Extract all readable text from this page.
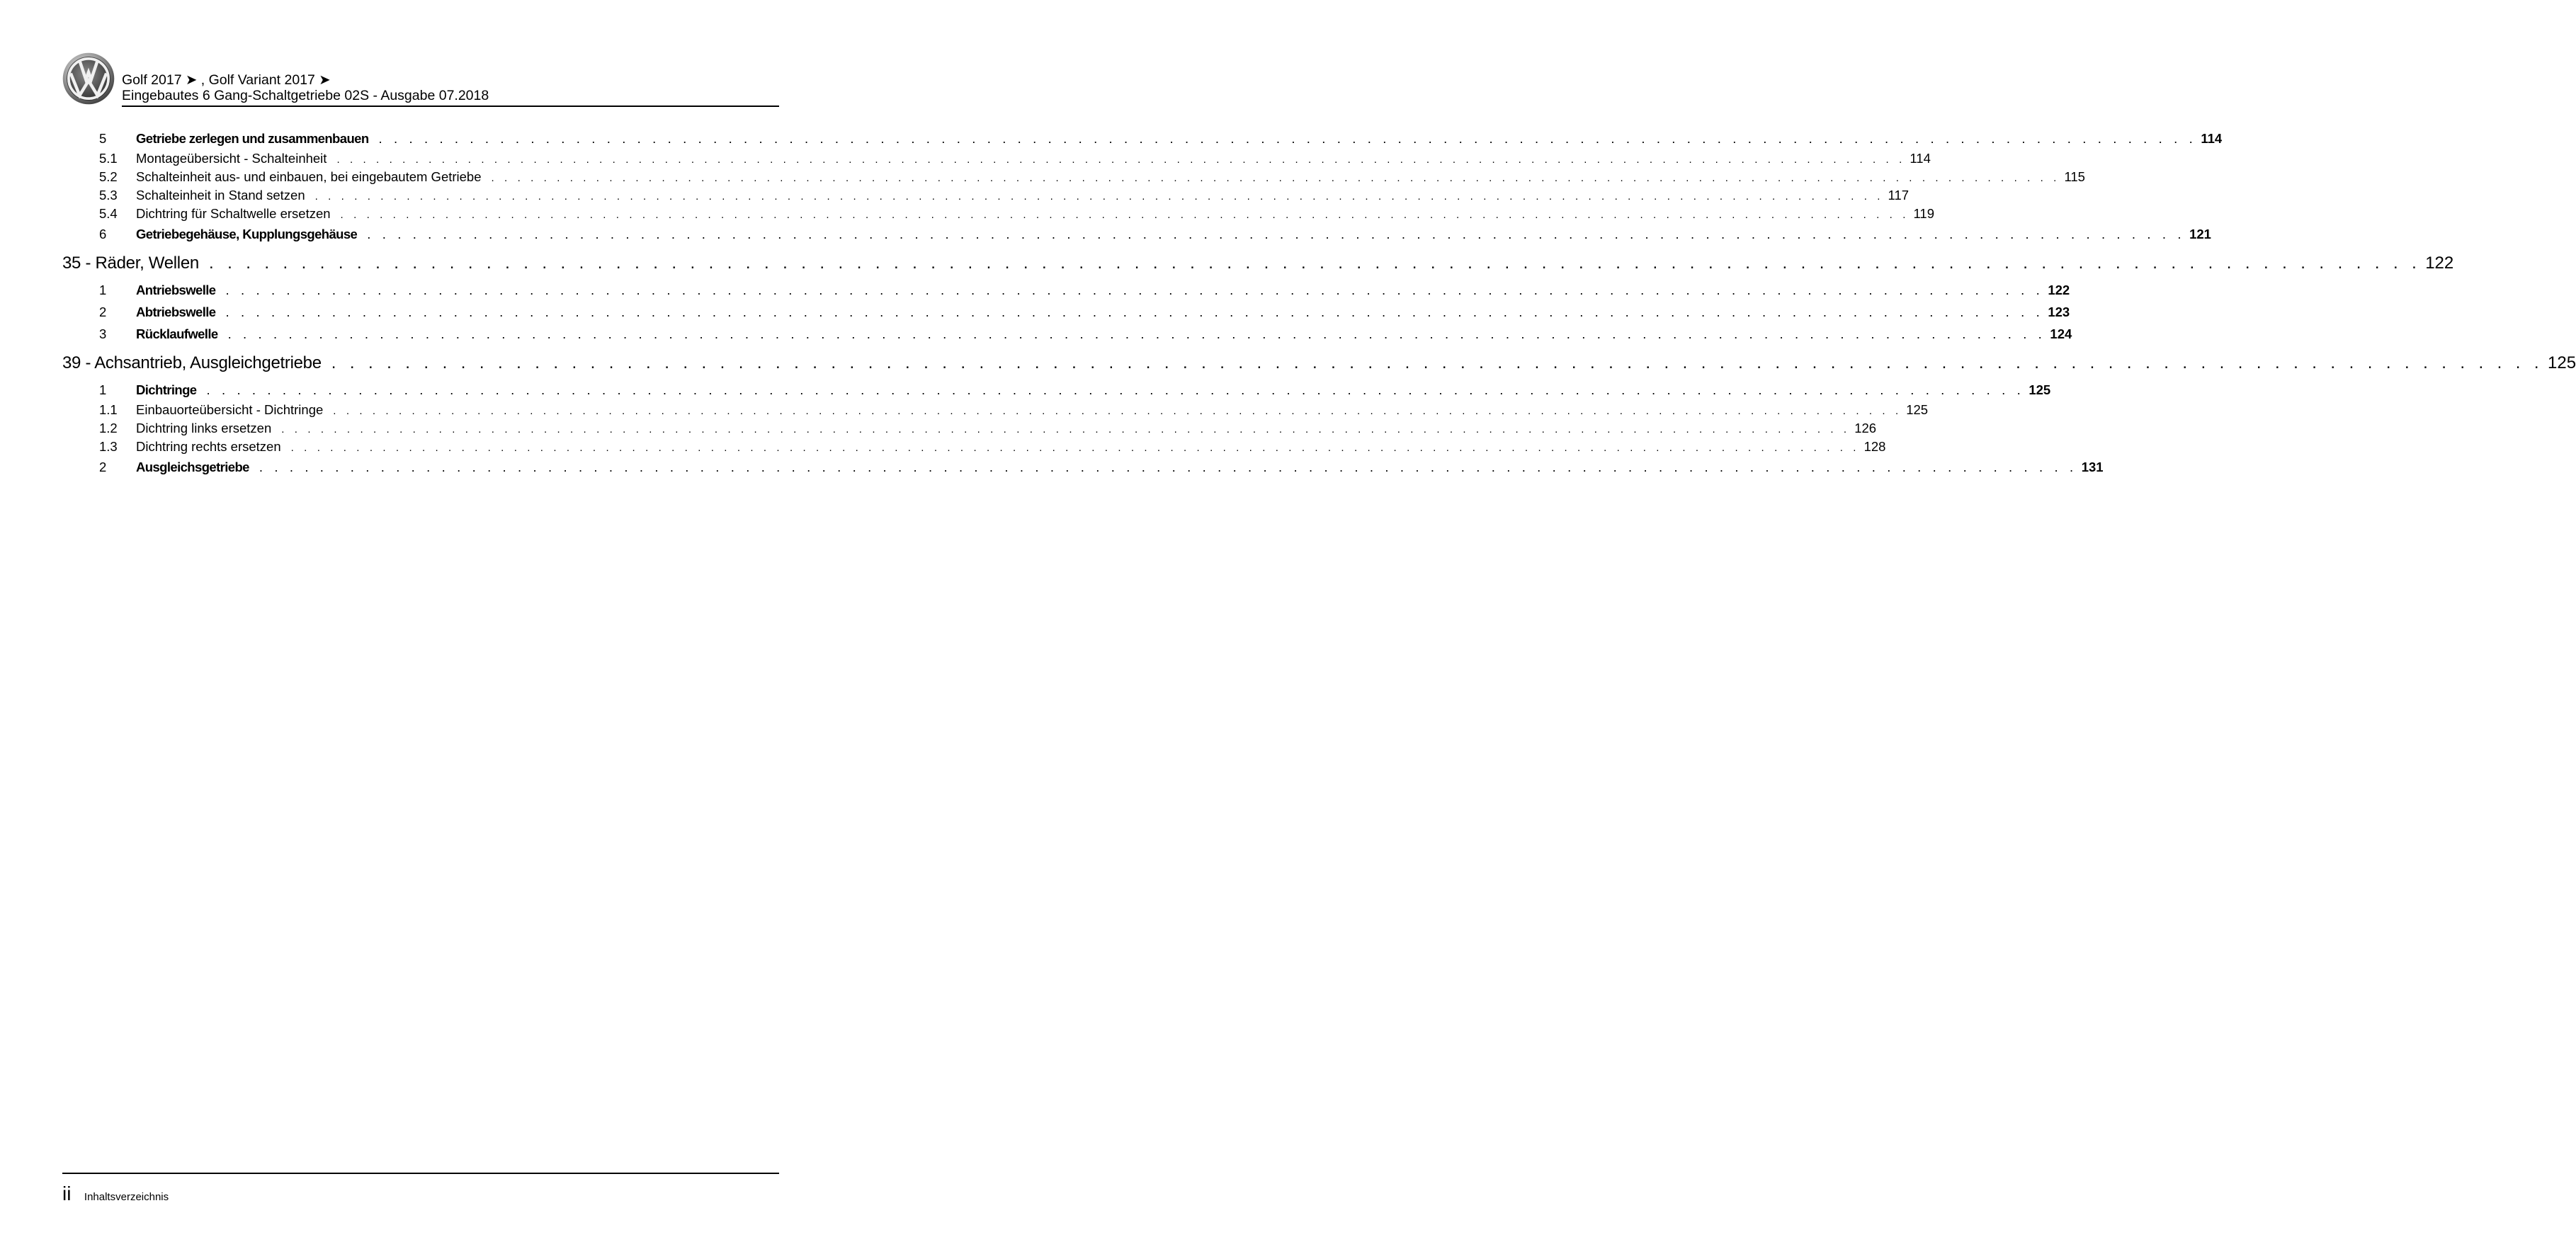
Golf 2017 ➤ , Golf Variant 2017 ➤
Eingebautes 6 Gang-Schaltgetriebe 02S - Ausgabe 07.2018
5	Getriebe zerlegen und zusammenbauen . . . . . . . . . . . . . . . . . . . . . . . . . . . . . . . . . . . . . . . . . . . . . . . . . . . . . . . . . . . . . . . . . . . . . . . . . . . . . . . . . . . . . . . . . . . . . . . . . . . . . . . . . . . . . . . . . . . . . . . . 114
5.1	Montageübersicht - Schalteinheit . . . . . . . . . . . . . . . . . . . . . . . . . . . . . . . . . . . . . . . . . . . . . . . . . . . . . . . . . . . . . . . . . . . . . . . . . . . . . . . . . . . . . . . . . . . . . . . . . . . . . . . . . . . . . . . . . . . . . . . . 114
5.2	Schalteinheit aus- und einbauen, bei eingebautem Getriebe . . . . . . . . . . . . . . . . . . . . . . . . . . . . . . . . . . . . . . . . . . . . . . . . . . . . . . . . . . . . . . . . . . . . . . . . . . . . . . . . . . . . . . . . . . . . . . . . . . . . . . . . . . . . . . . . . . . . . . . . 115
5.3	Schalteinheit in Stand setzen . . . . . . . . . . . . . . . . . . . . . . . . . . . . . . . . . . . . . . . . . . . . . . . . . . . . . . . . . . . . . . . . . . . . . . . . . . . . . . . . . . . . . . . . . . . . . . . . . . . . . . . . . . . . . . . . . . . . . . . . 117
5.4	Dichtring für Schaltwelle ersetzen . . . . . . . . . . . . . . . . . . . . . . . . . . . . . . . . . . . . . . . . . . . . . . . . . . . . . . . . . . . . . . . . . . . . . . . . . . . . . . . . . . . . . . . . . . . . . . . . . . . . . . . . . . . . . . . . . . . . . . . . 119
6	Getriebegehäuse, Kupplungsgehäuse . . . . . . . . . . . . . . . . . . . . . . . . . . . . . . . . . . . . . . . . . . . . . . . . . . . . . . . . . . . . . . . . . . . . . . . . . . . . . . . . . . . . . . . . . . . . . . . . . . . . . . . . . . . . . . . . . . . . . . . . 121
35 - Räder, Wellen . . . . . . . . . . . . . . . . . . . . . . . . . . . . . . . . . . . . . . . . . . . . . . . . . . . . . . . . . . . . . . . . . . . . . . . . . . . . . . . . . . . . . . . . . . . . . . . . . . . . . . . . . . . . . . . . . . . . . . . . 122
1	Antriebswelle . . . . . . . . . . . . . . . . . . . . . . . . . . . . . . . . . . . . . . . . . . . . . . . . . . . . . . . . . . . . . . . . . . . . . . . . . . . . . . . . . . . . . . . . . . . . . . . . . . . . . . . . . . . . . . . . . . . . . . . . 122
2	Abtriebswelle . . . . . . . . . . . . . . . . . . . . . . . . . . . . . . . . . . . . . . . . . . . . . . . . . . . . . . . . . . . . . . . . . . . . . . . . . . . . . . . . . . . . . . . . . . . . . . . . . . . . . . . . . . . . . . . . . . . . . . . . 123
3	Rücklaufwelle . . . . . . . . . . . . . . . . . . . . . . . . . . . . . . . . . . . . . . . . . . . . . . . . . . . . . . . . . . . . . . . . . . . . . . . . . . . . . . . . . . . . . . . . . . . . . . . . . . . . . . . . . . . . . . . . . . . . . . . . 124
39 - Achsantrieb, Ausgleichgetriebe . . . . . . . . . . . . . . . . . . . . . . . . . . . . . . . . . . . . . . . . . . . . . . . . . . . . . . . . . . . . . . . . . . . . . . . . . . . . . . . . . . . . . . . . . . . . . . . . . . . . . . . . . . . . . . . . . . . . . . . . 125
1	Dichtringe . . . . . . . . . . . . . . . . . . . . . . . . . . . . . . . . . . . . . . . . . . . . . . . . . . . . . . . . . . . . . . . . . . . . . . . . . . . . . . . . . . . . . . . . . . . . . . . . . . . . . . . . . . . . . . . . . . . . . . . . 125
1.1	Einbauorteübersicht - Dichtringe . . . . . . . . . . . . . . . . . . . . . . . . . . . . . . . . . . . . . . . . . . . . . . . . . . . . . . . . . . . . . . . . . . . . . . . . . . . . . . . . . . . . . . . . . . . . . . . . . . . . . . . . . . . . . . . . . . . . . . . . 125
1.2	Dichtring links ersetzen . . . . . . . . . . . . . . . . . . . . . . . . . . . . . . . . . . . . . . . . . . . . . . . . . . . . . . . . . . . . . . . . . . . . . . . . . . . . . . . . . . . . . . . . . . . . . . . . . . . . . . . . . . . . . . . . . . . . . . . . 126
1.3	Dichtring rechts ersetzen . . . . . . . . . . . . . . . . . . . . . . . . . . . . . . . . . . . . . . . . . . . . . . . . . . . . . . . . . . . . . . . . . . . . . . . . . . . . . . . . . . . . . . . . . . . . . . . . . . . . . . . . . . . . . . . . . . . . . . . . 128
2	Ausgleichsgetriebe . . . . . . . . . . . . . . . . . . . . . . . . . . . . . . . . . . . . . . . . . . . . . . . . . . . . . . . . . . . . . . . . . . . . . . . . . . . . . . . . . . . . . . . . . . . . . . . . . . . . . . . . . . . . . . . . . . . . . . . . 131
ii Inhaltsverzeichnis
